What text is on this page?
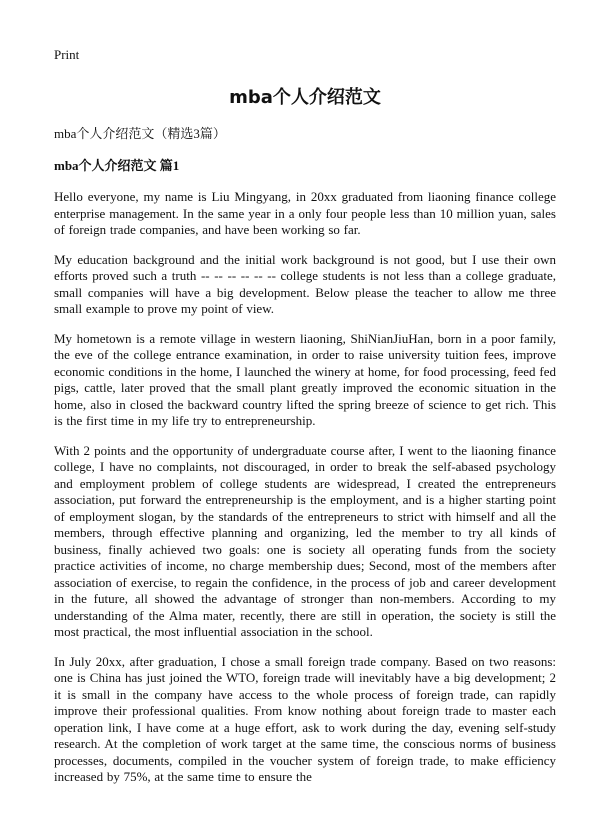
Print
mba个人介绍范文
mba个人介绍范文（精选3篇）
mba个人介绍范文 篇1

Hello everyone, my name is Liu Mingyang, in 20xx graduated from liaoning finance college enterprise management. In the same year in a only four people less than 10 million yuan, sales of foreign trade companies, and have been working so far.

My education background and the initial work background is not good, but I use their own efforts proved such a truth -- -- -- -- -- -- college students is not less than a college graduate, small companies will have a big development. Below please the teacher to allow me three small example to prove my point of view.

My hometown is a remote village in western liaoning, ShiNianJiuHan, born in a poor family, the eve of the college entrance examination, in order to raise university tuition fees, improve economic conditions in the home, I launched the winery at home, for food processing, feed fed pigs, cattle, later proved that the small plant greatly improved the economic situation in the home, also in closed the backward country lifted the spring breeze of science to get rich. This is the first time in my life try to entrepreneurship.

With 2 points and the opportunity of undergraduate course after, I went to the liaoning finance college, I have no complaints, not discouraged, in order to break the self-abased psychology and employment problem of college students are widespread, I created the entrepreneurs association, put forward the entrepreneurship is the employment, and is a higher starting point of employment slogan, by the standards of the entrepreneurs to strict with himself and all the members, through effective planning and organizing, led the member to try all kinds of business, finally achieved two goals: one is society all operating funds from the society practice activities of income, no charge membership dues; Second, most of the members after association of exercise, to regain the confidence, in the process of job and career development in the future, all showed the advantage of stronger than non-members. According to my understanding of the Alma mater, recently, there are still in operation, the society is still the most practical, the most influential association in the school.

In July 20xx, after graduation, I chose a small foreign trade company. Based on two reasons: one is China has just joined the WTO, foreign trade will inevitably have a big development; 2 it is small in the company have access to the whole process of foreign trade, can rapidly improve their professional qualities. From know nothing about foreign trade to master each operation link, I have come at a huge effort, ask to work during the day, evening self-study research. At the completion of work target at the same time, the conscious norms of business processes, documents, compiled in the voucher system of foreign trade, to make efficiency increased by 75%, at the same time to ensure the
